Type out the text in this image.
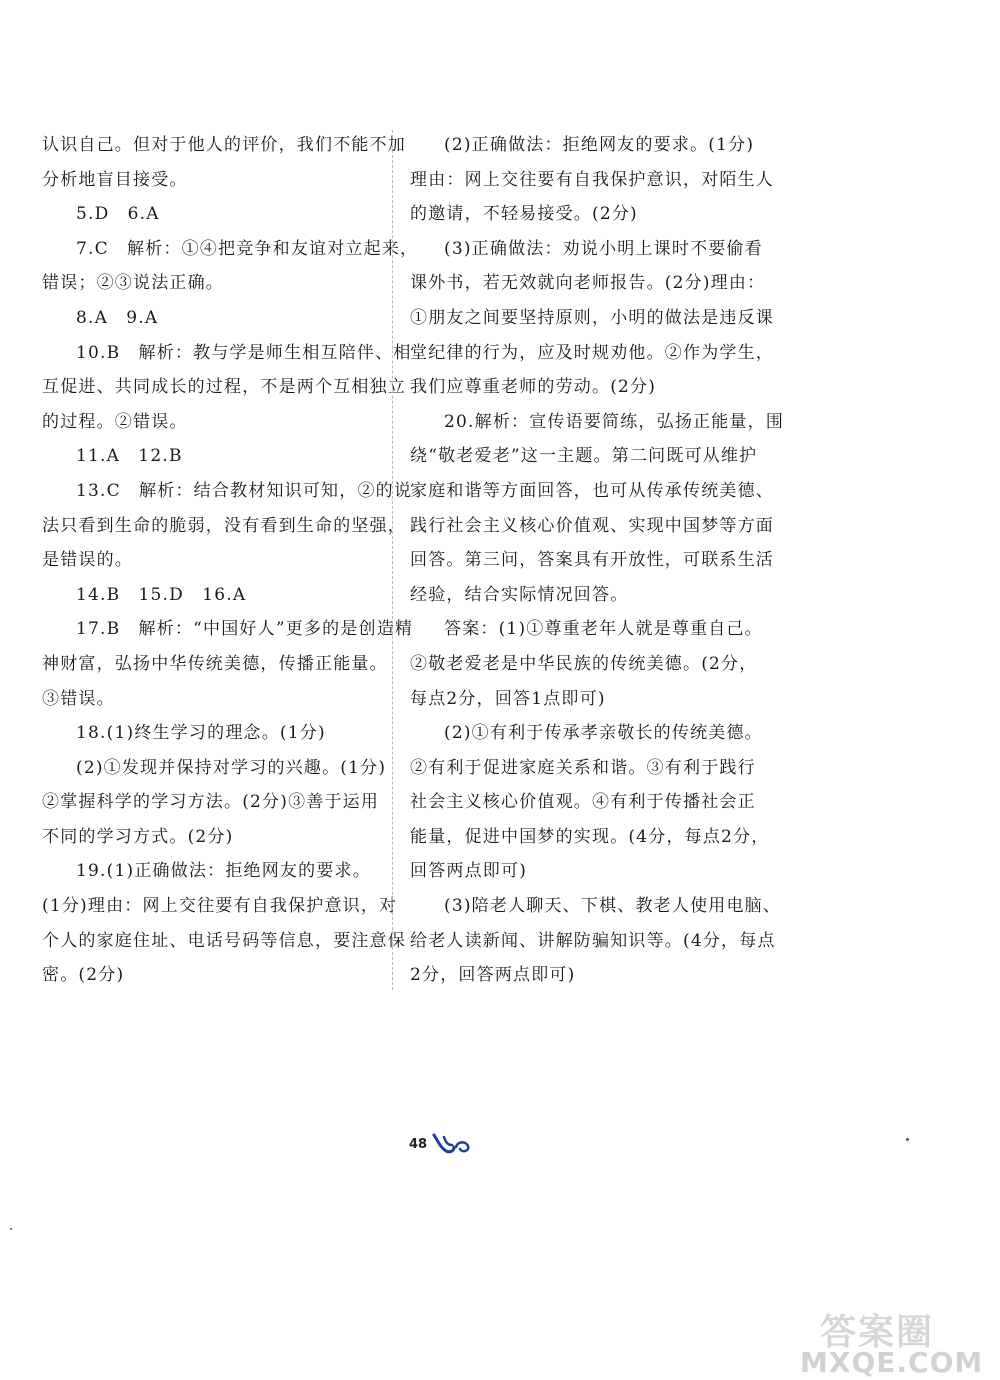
认识自己。但对于他人的评价，我们不能不加

分析地盲目接受。

5.D　6.A

7.C　解析：①④把竞争和友谊对立起来，

错误；②③说法正确。

8.A　9.A

10.B　解析：教与学是师生相互陪伴、相

互促进、共同成长的过程，不是两个互相独立

的过程。②错误。

11.A　12.B

13.C　解析：结合教材知识可知，②的说

法只看到生命的脆弱，没有看到生命的坚强，

是错误的。

14.B　15.D　16.A

17.B　解析：“中国好人”更多的是创造精

神财富，弘扬中华传统美德，传播正能量。

③错误。

18.(1)终生学习的理念。(1分)

(2)①发现并保持对学习的兴趣。(1分)

②掌握科学的学习方法。(2分)③善于运用

不同的学习方式。(2分)

19.(1)正确做法：拒绝网友的要求。

(1分)理由：网上交往要有自我保护意识，对

个人的家庭住址、电话号码等信息，要注意保

密。(2分)

(2)正确做法：拒绝网友的要求。(1分)

理由：网上交往要有自我保护意识，对陌生人

的邀请，不轻易接受。(2分)

(3)正确做法：劝说小明上课时不要偷看

课外书，若无效就向老师报告。(2分)理由：

①朋友之间要坚持原则，小明的做法是违反课

堂纪律的行为，应及时规劝他。②作为学生，

我们应尊重老师的劳动。(2分)

20.解析：宣传语要简练，弘扬正能量，围

绕“敬老爱老”这一主题。第二问既可从维护

家庭和谐等方面回答，也可从传承传统美德、

践行社会主义核心价值观、实现中国梦等方面

回答。第三问，答案具有开放性，可联系生活

经验，结合实际情况回答。

答案：(1)①尊重老年人就是尊重自己。

②敬老爱老是中华民族的传统美德。(2分，

每点2分，回答1点即可)

(2)①有利于传承孝亲敬长的传统美德。

②有利于促进家庭关系和谐。③有利于践行

社会主义核心价值观。④有利于传播社会正

能量，促进中国梦的实现。(4分，每点2分，

回答两点即可)

(3)陪老人聊天、下棋、教老人使用电脑、

给老人读新闻、讲解防骗知识等。(4分，每点

2分，回答两点即可)

48
答案圈
MXQE.COM
